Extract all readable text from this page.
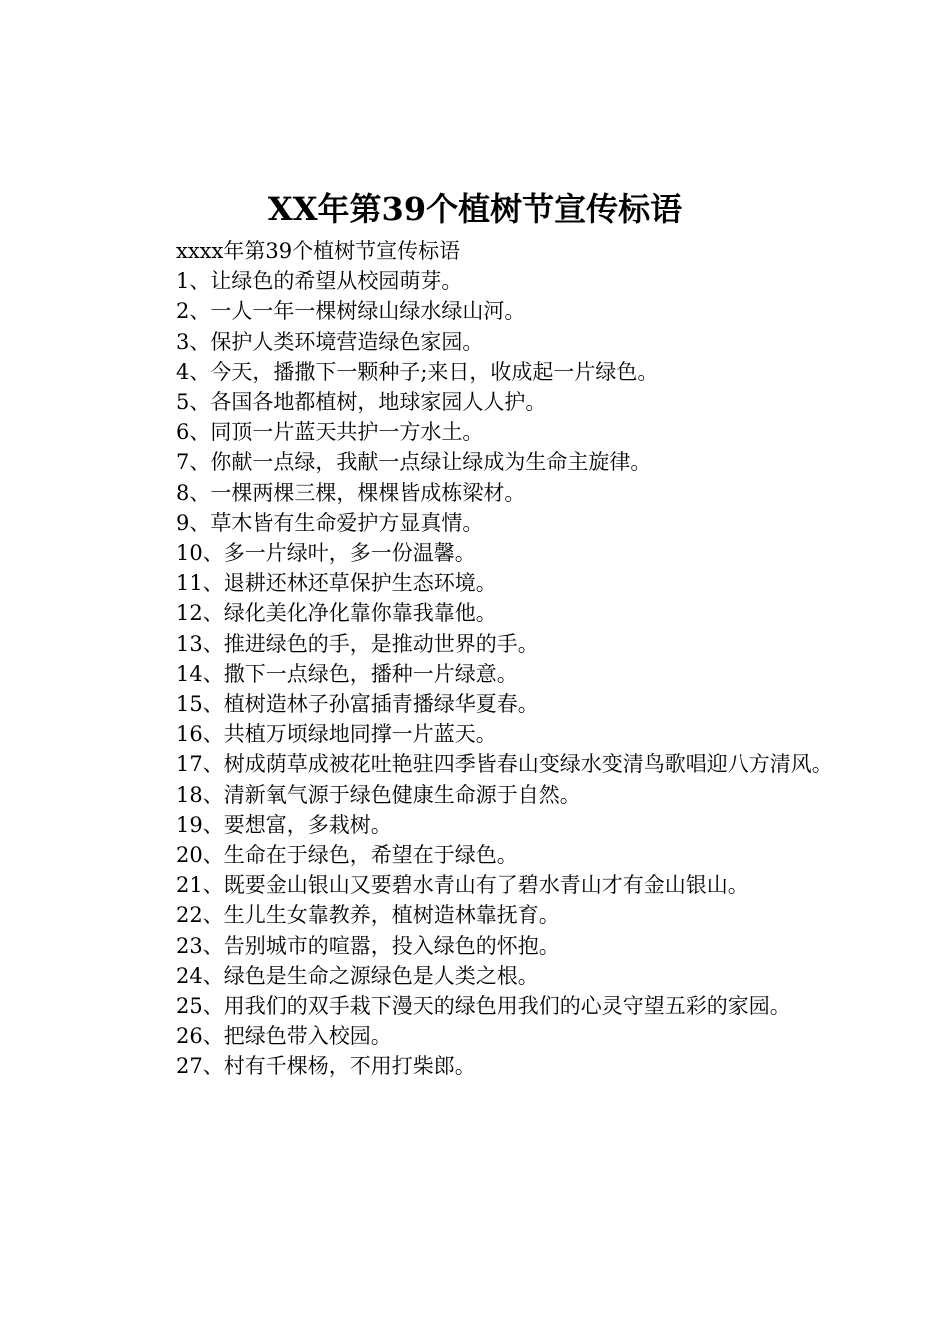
XX年第39个植树节宣传标语

xxxx年第39个植树节宣传标语

1、让绿色的希望从校园萌芽。

2、一人一年一棵树绿山绿水绿山河。

3、保护人类环境营造绿色家园。

4、今天，播撒下一颗种子;来日，收成起一片绿色。

5、各国各地都植树，地球家园人人护。

6、同顶一片蓝天共护一方水土。

7、你献一点绿，我献一点绿让绿成为生命主旋律。

8、一棵两棵三棵，棵棵皆成栋梁材。

9、草木皆有生命爱护方显真情。

10、多一片绿叶，多一份温馨。

11、退耕还林还草保护生态环境。

12、绿化美化净化靠你靠我靠他。

13、推进绿色的手，是推动世界的手。

14、撒下一点绿色，播种一片绿意。

15、植树造林子孙富插青播绿华夏春。

16、共植万顷绿地同撑一片蓝天。

17、树成荫草成被花吐艳驻四季皆春山变绿水变清鸟歌唱迎八方清风。

18、清新氧气源于绿色健康生命源于自然。

19、要想富，多栽树。

20、生命在于绿色，希望在于绿色。

21、既要金山银山又要碧水青山有了碧水青山才有金山银山。

22、生儿生女靠教养，植树造林靠抚育。

23、告别城市的喧嚣，投入绿色的怀抱。

24、绿色是生命之源绿色是人类之根。

25、用我们的双手栽下漫天的绿色用我们的心灵守望五彩的家园。

26、把绿色带入校园。

27、村有千棵杨，不用打柴郎。
